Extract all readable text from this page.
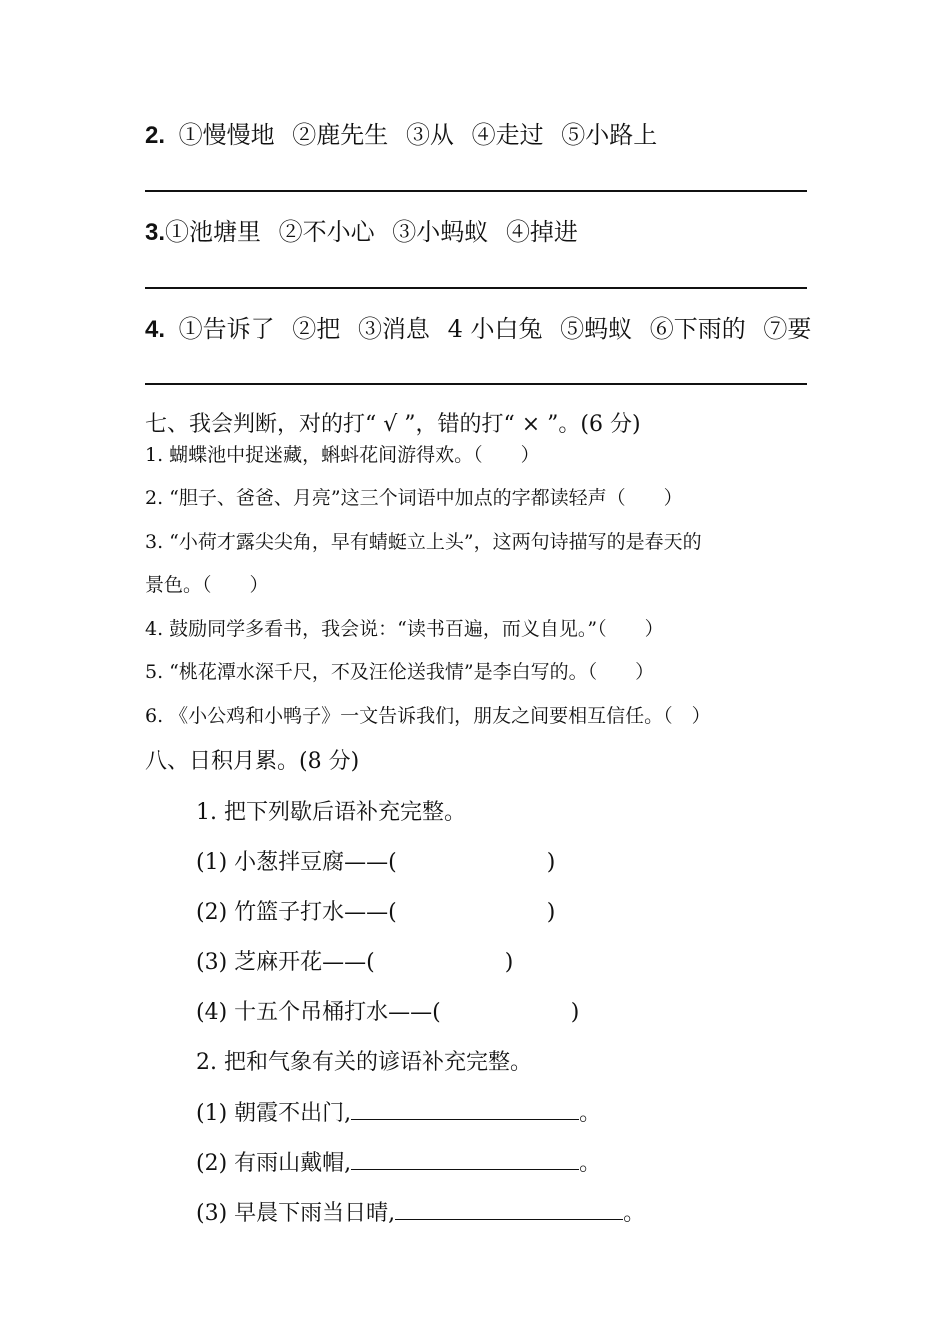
2. ①慢慢地 ②鹿先生 ③从 ④走过 ⑤小路上
3.①池塘里 ②不小心 ③小蚂蚁 ④掉进
4. ①告诉了 ②把 ③消息 4 小白兔 ⑤蚂蚁 ⑥下雨的 ⑦要
七、我会判断，对的打“ √ ”，错的打“ × ”。(6 分)
1. 蝴蝶池中捉迷藏，蝌蚪花间游得欢。（　　）
2. “胆子、爸爸、月亮”这三个词语中加点的字都读轻声（　　）
3. “小荷才露尖尖角，早有蜻蜓立上头”，这两句诗描写的是春天的
景色。（　　）
4. 鼓励同学多看书，我会说：“读书百遍，而义自见。”（　　）
5. “桃花潭水深千尺，不及汪伦送我情”是李白写的。（　　）
6. 《小公鸡和小鸭子》一文告诉我们，朋友之间要相互信任。（　）
八、日积月累。(8 分)
1. 把下列歇后语补充完整。
(1) 小葱拌豆腐——(	)
(2) 竹篮子打水——(	)
(3) 芝麻开花——(	)
(4) 十五个吊桶打水——(	)
2. 把和气象有关的谚语补充完整。
(1) 朝霞不出门,	。
(2) 有雨山戴帽,	。
(3) 早晨下雨当日晴,	。
